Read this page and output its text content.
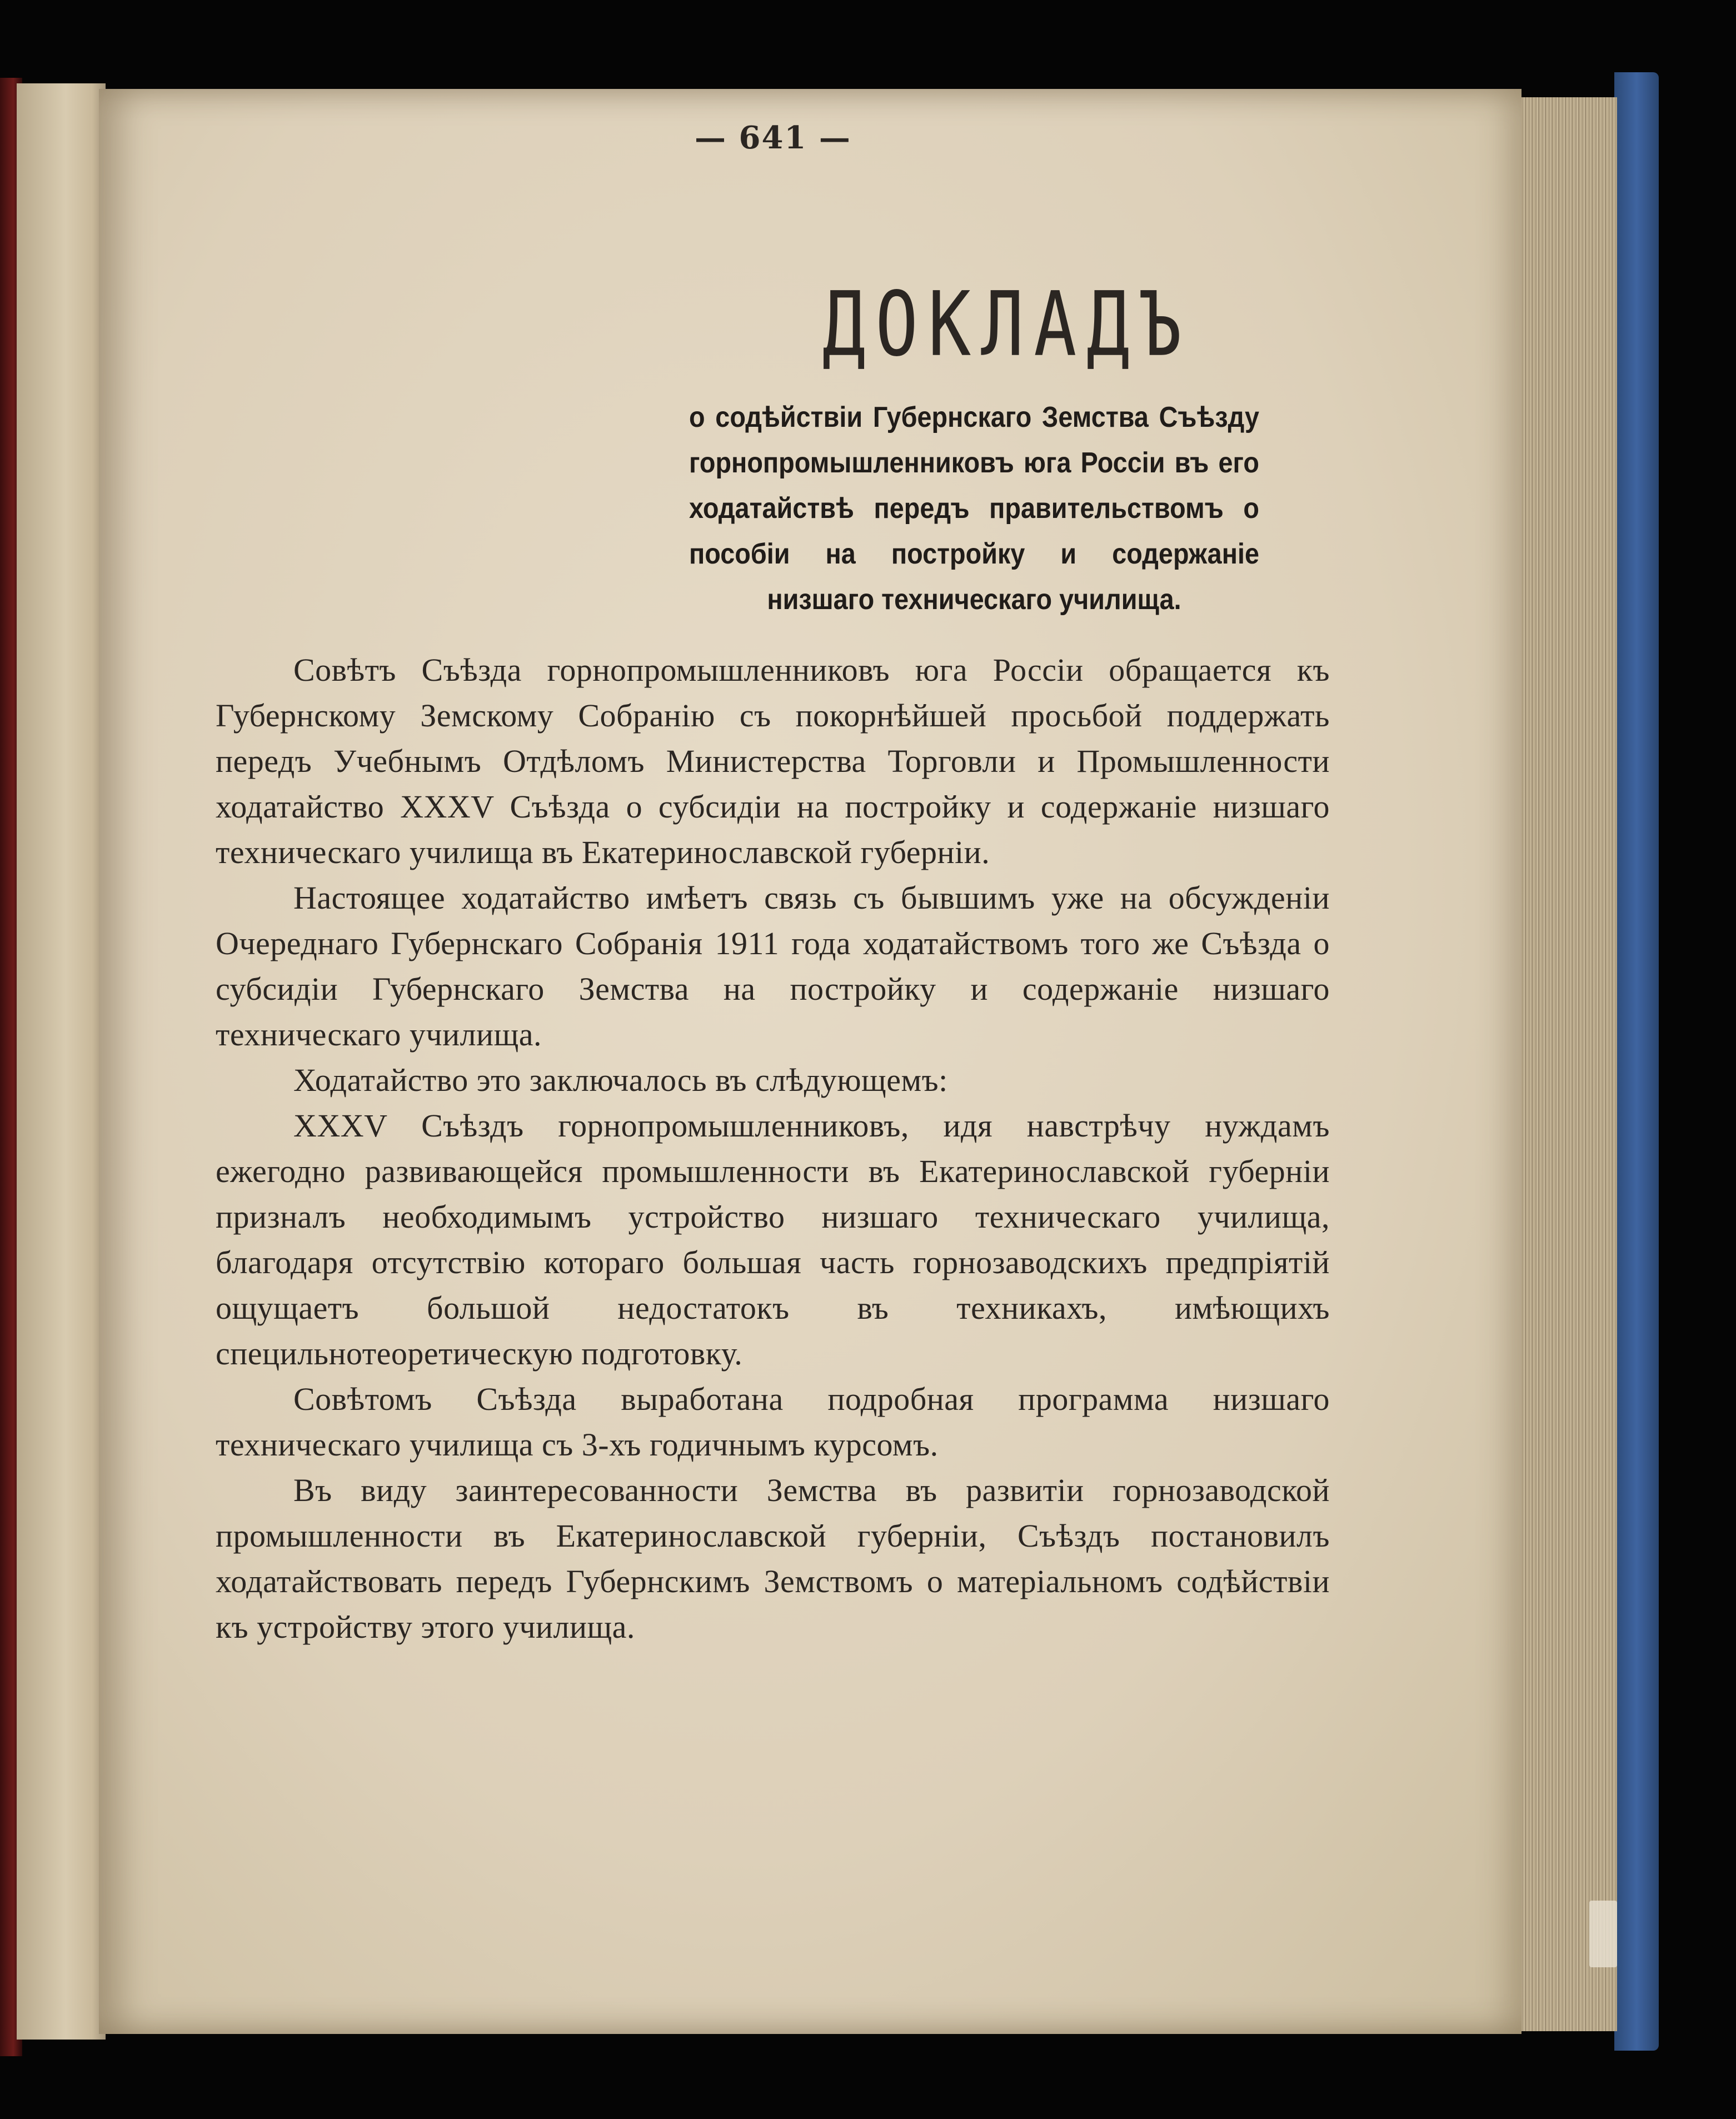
— 641 —
ДОКЛАДЪ
о содѣйствіи Губернскаго Земства Съѣзду горнопромышленниковъ юга Россіи въ его ходатайствѣ передъ правительствомъ о пособіи на постройку и содержаніе низшаго техническаго училища.

Совѣтъ Съѣзда горнопромышленниковъ юга Россіи обращается къ Губернскому Земскому Собранію съ покорнѣйшей просьбой поддержать передъ Учебнымъ Отдѣломъ Министерства Торговли и Промышленности ходатайство XXXV Съѣзда о субсидіи на постройку и содержаніе низшаго техническаго училища въ Екатеринославской губерніи.

Настоящее ходатайство имѣетъ связь съ бывшимъ уже на обсужденіи Очереднаго Губернскаго Собранія 1911 года ходатайствомъ того же Съѣзда о субсидіи Губернскаго Земства на постройку и содержаніе низшаго техническаго училища.

Ходатайство это заключалось въ слѣдующемъ:

XXXV Съѣздъ горнопромышленниковъ, идя навстрѣчу нуждамъ ежегодно развивающейся промышленности въ Екатеринославской губерніи призналъ необходимымъ устройство низшаго техническаго училища, благодаря отсутствію котораго большая часть горнозаводскихъ предпріятій ощущаетъ большой недостатокъ въ техникахъ, имѣющихъ специльнотеоретическую подготовку.

Совѣтомъ Съѣзда выработана подробная программа низшаго техническаго училища съ 3-хъ годичнымъ курсомъ.

Въ виду заинтересованности Земства въ развитіи горнозаводской промышленности въ Екатеринославской губерніи, Съѣздъ постановилъ ходатайствовать передъ Губернскимъ Земствомъ о матеріальномъ содѣйствіи къ устройству этого училища.
